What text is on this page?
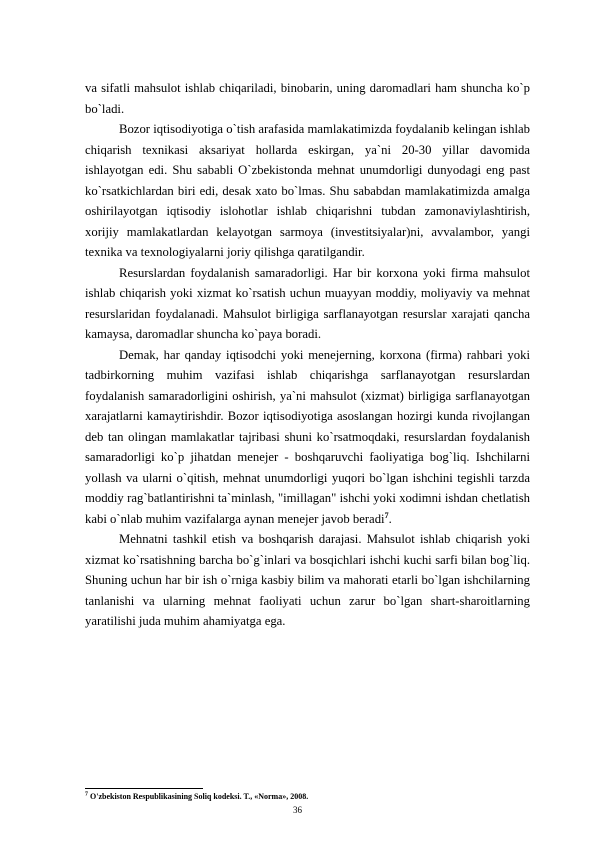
va sifatli mahsulot ishlab chiqariladi, binobarin, uning daromadlari ham shuncha ko`p bo`ladi.

Bozor iqtisodiyotiga o`tish arafasida mamlakatimizda foydalanib kelingan ishlab chiqarish texnikasi aksariyat hollarda eskirgan, ya`ni 20-30 yillar davomida ishlayotgan edi. Shu sababli O`zbekistonda mehnat unumdorligi dunyodagi eng past ko`rsatkichlardan biri edi, desak xato bo`lmas. Shu sababdan mamlakatimizda amalga oshirilayotgan iqtisodiy islohotlar ishlab chiqarishni tubdan zamonaviylashtirish, xorijiy mamlakatlardan kelayotgan sarmoya (investitsiyalar)ni, avvalambor, yangi texnika va texnologiyalarni joriy qilishga qaratilgandir.

Resurslardan foydalanish samaradorligi. Har bir korxona yoki firma mahsulot ishlab chiqarish yoki xizmat ko`rsatish uchun muayyan moddiy, moliyaviy va mehnat resurslaridan foydalanadi. Mahsulot birligiga sarflanayotgan resurslar xarajati qancha kamaysa, daromadlar shuncha ko`paya boradi.

Demak, har qanday iqtisodchi yoki menejerning, korxona (firma) rahbari yoki tadbirkorning muhim vazifasi ishlab chiqarishga sarflanayotgan resurslardan foydalanish samaradorligini oshirish, ya`ni mahsulot (xizmat) birligiga sarflanayotgan xarajatlarni kamaytirishdir. Bozor iqtisodiyotiga asoslangan hozirgi kunda rivojlangan deb tan olingan mamlakatlar tajribasi shuni ko`rsatmoqdaki, resurslardan foydalanish samaradorligi ko`p jihatdan menejer - boshqaruvchi faoliyatiga bog`liq. Ishchilarni yollash va ularni o`qitish, mehnat unumdorligi yuqori bo`lgan ishchini tegishli tarzda moddiy rag`batlantirishni ta`minlash, "imillagan" ishchi yoki xodimni ishdan chetlatish kabi o`nlab muhim vazifalarga aynan menejer javob beradi$^7$.

Mehnatni tashkil etish va boshqarish darajasi. Mahsulot ishlab chiqarish yoki xizmat ko`rsatishning barcha bo`g`inlari va bosqichlari ishchi kuchi sarfi bilan bog`liq. Shuning uchun har bir ish o`rniga kasbiy bilim va mahorati etarli bo`lgan ishchilarning tanlanishi va ularning mehnat faoliyati uchun zarur bo`lgan shart-sharoitlarning yaratilishi juda muhim ahamiyatga ega.

$^7$ O'zbekiston Respublikasining Soliq kodeksi. T., «Norma», 2008.
36
